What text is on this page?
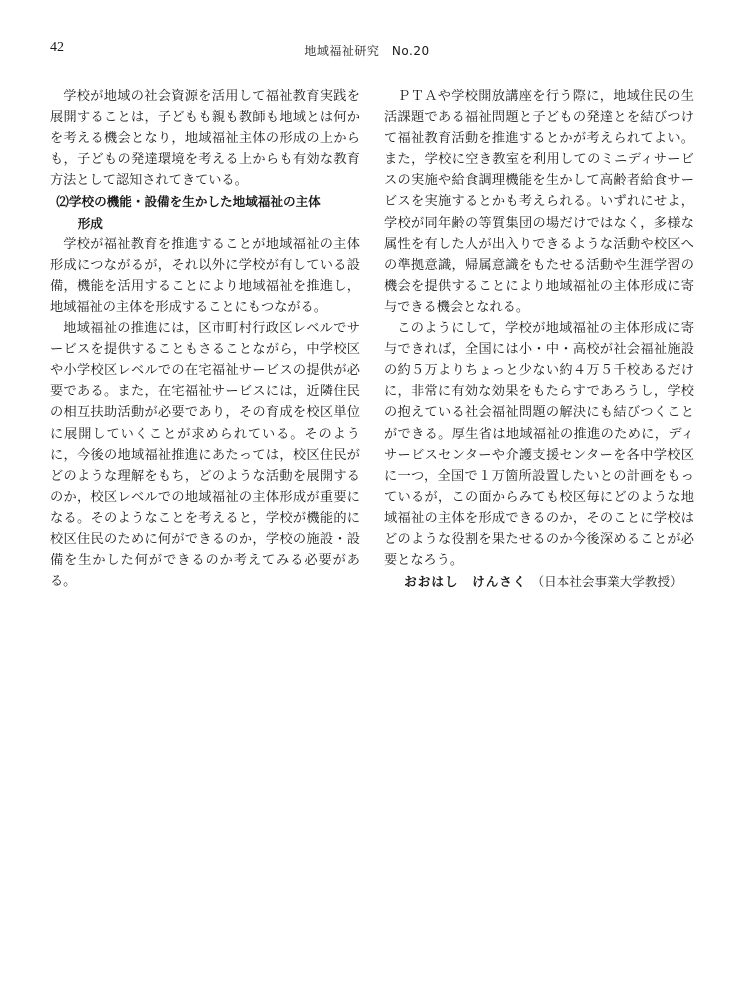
42	地域福祉研究　No.20

学校が地域の社会資源を活用して福祉教育実践を展開することは，子どもも親も教師も地域とは何かを考える機会となり，地域福祉主体の形成の上からも，子どもの発達環境を考える上からも有効な教育方法として認知されてきている。

⑵学校の機能・設備を生かした地域福祉の主体
形成

学校が福祉教育を推進することが地域福祉の主体形成につながるが，それ以外に学校が有している設備，機能を活用することにより地域福祉を推進し，地域福祉の主体を形成することにもつながる。

地域福祉の推進には，区市町村行政区レベルでサービスを提供することもさることながら，中学校区や小学校区レベルでの在宅福祉サービスの提供が必要である。また，在宅福祉サービスには，近隣住民の相互扶助活動が必要であり，その育成を校区単位に展開していくことが求められている。そのように，今後の地域福祉推進にあたっては，校区住民がどのような理解をもち，どのような活動を展開するのか，校区レベルでの地域福祉の主体形成が重要になる。そのようなことを考えると，学校が機能的に校区住民のために何ができるのか，学校の施設・設備を生かした何ができるのか考えてみる必要がある。

ＰＴＡや学校開放講座を行う際に，地域住民の生活課題である福祉問題と子どもの発達とを結びつけて福祉教育活動を推進するとかが考えられてよい。また，学校に空き教室を利用してのミニディサービスの実施や給食調理機能を生かして高齢者給食サービスを実施するとかも考えられる。いずれにせよ，学校が同年齢の等質集団の場だけではなく，多様な属性を有した人が出入りできるような活動や校区への準拠意識，帰属意識をもたせる活動や生涯学習の機会を提供することにより地域福祉の主体形成に寄与できる機会となれる。

このようにして，学校が地域福祉の主体形成に寄与できれば，全国には小・中・高校が社会福祉施設の約５万よりちょっと少ない約４万５千校あるだけに，非常に有効な効果をもたらすであろうし，学校の抱えている社会福祉問題の解決にも結びつくことができる。厚生省は地域福祉の推進のために，ディサービスセンターや介護支援センターを各中学校区に一つ，全国で１万箇所設置したいとの計画をもっているが，この面からみても校区毎にどのような地域福祉の主体を形成できるのか，そのことに学校はどのような役割を果たせるのか今後深めることが必要となろう。

おおはし　けんさく （日本社会事業大学教授）
